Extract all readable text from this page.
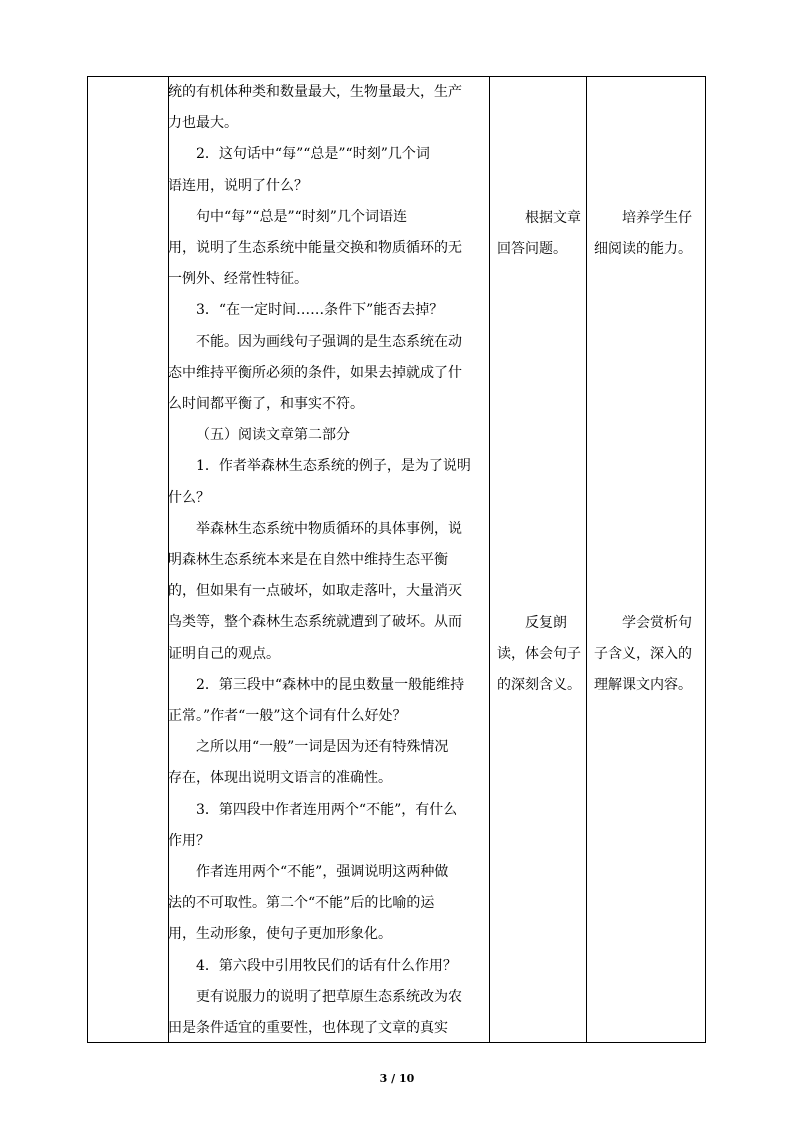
统的有机体种类和数量最大，生物量最大，生产

力也最大。

2．这句话中“每”“总是”“时刻”几个词

语连用，说明了什么？

句中“每”“总是”“时刻”几个词语连

用，说明了生态系统中能量交换和物质循环的无

一例外、经常性特征。

3．“在一定时间……条件下”能否去掉？

不能。因为画线句子强调的是生态系统在动

态中维持平衡所必须的条件，如果去掉就成了什

么时间都平衡了，和事实不符。

（五）阅读文章第二部分

1．作者举森林生态系统的例子，是为了说明

什么？

举森林生态系统中物质循环的具体事例，说

明森林生态系统本来是在自然中维持生态平衡

的，但如果有一点破坏，如取走落叶，大量消灭

鸟类等，整个森林生态系统就遭到了破坏。从而

证明自己的观点。

2．第三段中“森林中的昆虫数量一般能维持

正常。”作者“一般”这个词有什么好处？

之所以用“一般”一词是因为还有特殊情况

存在，体现出说明文语言的准确性。

3．第四段中作者连用两个“不能”，有什么

作用？

作者连用两个“不能”，强调说明这两种做

法的不可取性。第二个“不能”后的比喻的运

用，生动形象，使句子更加形象化。

4．第六段中引用牧民们的话有什么作用？

更有说服力的说明了把草原生态系统改为农

田是条件适宜的重要性，也体现了文章的真实

根据文章

回答问题。

培养学生仔

细阅读的能力。

反复朗

读，体会句子

的深刻含义。

学会赏析句

子含义，深入的

理解课文内容。

3 / 10
